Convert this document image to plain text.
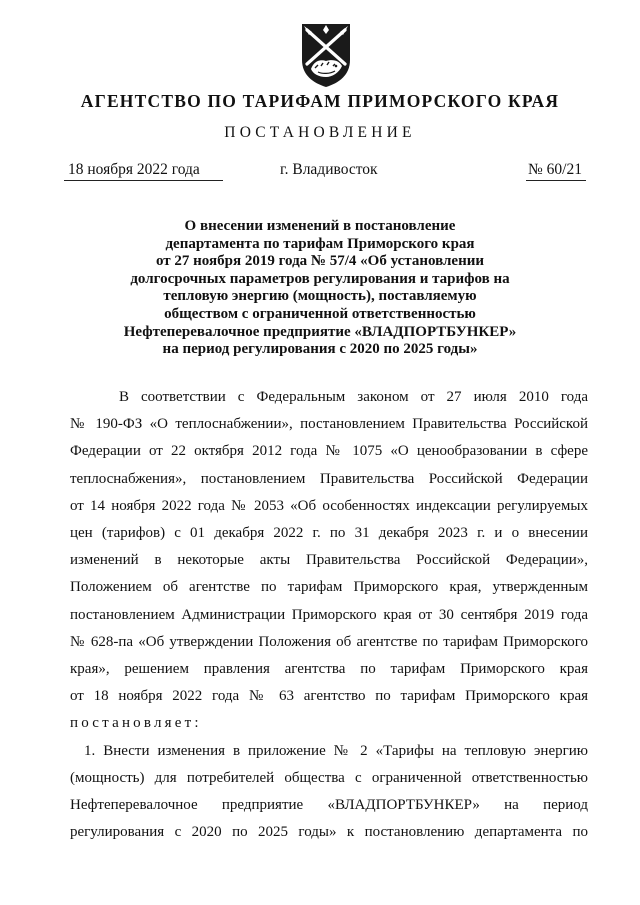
АГЕНТСТВО ПО ТАРИФАМ ПРИМОРСКОГО КРАЯ
ПОСТАНОВЛЕНИЕ
18 ноября 2022 года	г. Владивосток	№ 60/21
О внесении изменений в постановление
департамента по тарифам Приморского края
от 27 ноября 2019 года № 57/4 «Об установлении
долгосрочных параметров регулирования и тарифов на
тепловую энергию (мощность), поставляемую
обществом с ограниченной ответственностью
Нефтеперевалочное предприятие «ВЛАДПОРТБУНКЕР»
на период регулирования с 2020 по 2025 годы»
В соответствии с Федеральным законом от 27 июля 2010 года
№ 190-ФЗ «О теплоснабжении», постановлением Правительства Российской
Федерации от 22 октября 2012 года № 1075 «О ценообразовании в сфере
теплоснабжения», постановлением Правительства Российской Федерации
от 14 ноября 2022 года № 2053 «Об особенностях индексации регулируемых
цен (тарифов) с 01 декабря 2022 г. по 31 декабря 2023 г. и о внесении
изменений в некоторые акты Правительства Российской Федерации»,
Положением об агентстве по тарифам Приморского края, утвержденным
постановлением Администрации Приморского края от 30 сентября 2019 года
№ 628-па «Об утверждении Положения об агентстве по тарифам Приморского
края», решением правления агентства по тарифам Приморского края
от 18 ноября 2022 года № 63 агентство по тарифам Приморского края
постановляет:
1. Внести изменения в приложение № 2 «Тарифы на тепловую энергию
(мощность) для потребителей общества с ограниченной ответственностью
Нефтеперевалочное предприятие «ВЛАДПОРТБУНКЕР» на период
регулирования с 2020 по 2025 годы» к постановлению департамента по
